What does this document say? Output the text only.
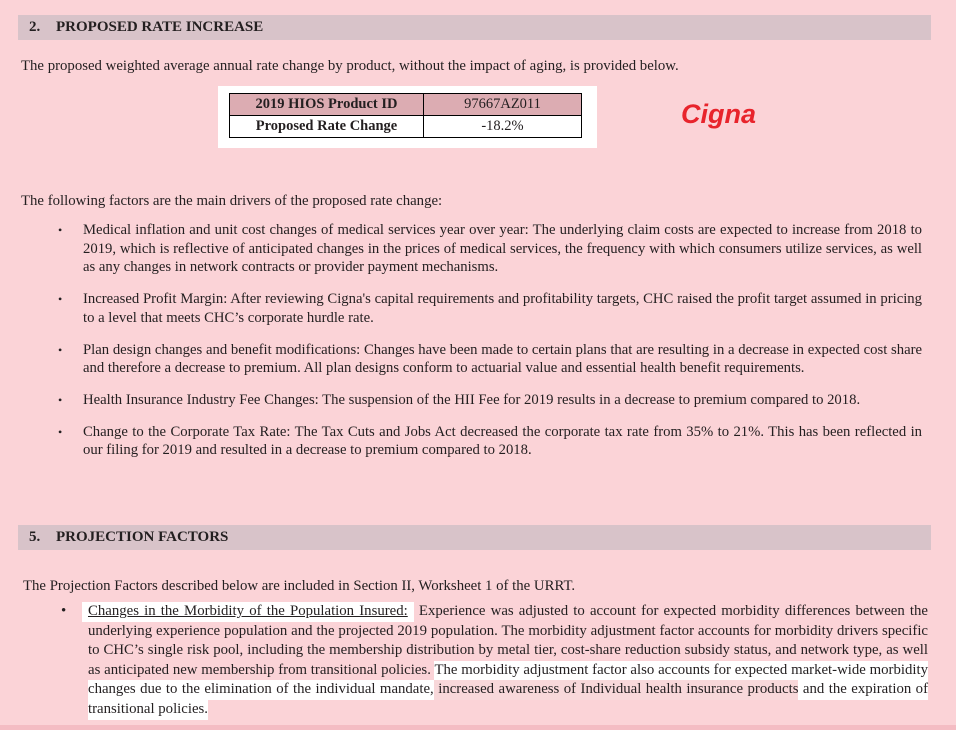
2. PROPOSED RATE INCREASE

The proposed weighted average annual rate change by product, without the impact of aging, is provided below.

2019 HIOS Product ID	97667AZ011
Proposed Rate Change	-18.2%	Cigna

The following factors are the main drivers of the proposed rate change:

•	Medical inflation and unit cost changes of medical services year over year: The underlying claim costs are expected to increase from 2018 to 2019, which is reflective of anticipated changes in the prices of medical services, the frequency with which consumers utilize services, as well as any changes in network contracts or provider payment mechanisms.
•	Increased Profit Margin: After reviewing Cigna's capital requirements and profitability targets, CHC raised the profit target assumed in pricing to a level that meets CHC’s corporate hurdle rate.
•	Plan design changes and benefit modifications: Changes have been made to certain plans that are resulting in a decrease in expected cost share and therefore a decrease to premium. All plan designs conform to actuarial value and essential health benefit requirements.
•	Health Insurance Industry Fee Changes: The suspension of the HII Fee for 2019 results in a decrease to premium compared to 2018.
•	Change to the Corporate Tax Rate: The Tax Cuts and Jobs Act decreased the corporate tax rate from 35% to 21%. This has been reflected in our filing for 2019 and resulted in a decrease to premium compared to 2018.
5. PROJECTION FACTORS

The Projection Factors described below are included in Section II, Worksheet 1 of the URRT.

• Changes in the Morbidity of the Population Insured: Experience was adjusted to account for expected morbidity differences between the underlying experience population and the projected 2019 population. The morbidity adjustment factor accounts for morbidity drivers specific to CHC’s single risk pool, including the membership distribution by metal tier, cost-share reduction subsidy status, and network type, as well as anticipated new membership from transitional policies. The morbidity adjustment factor also accounts for expected market-wide morbidity changes due to the elimination of the individual mandate, increased awareness of Individual health insurance products and the expiration of transitional policies.
